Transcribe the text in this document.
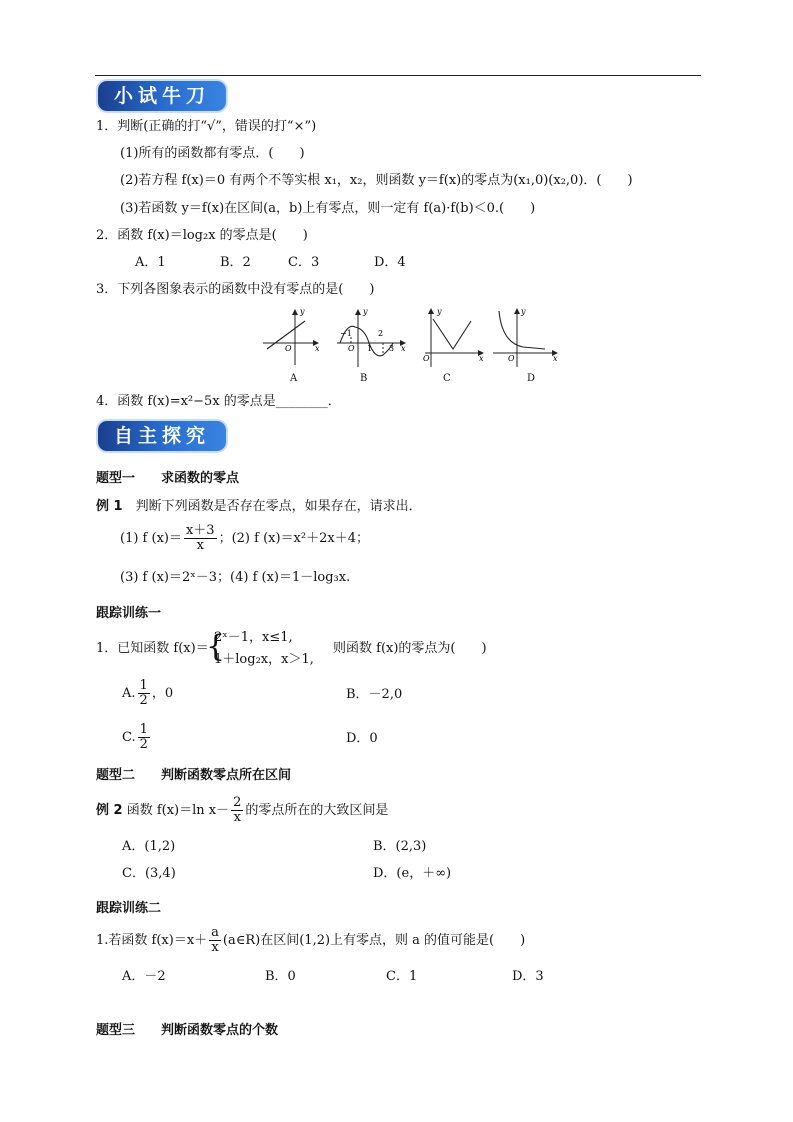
小试牛刀
1．判断(正确的打“√”，错误的打“×”)
(1)所有的函数都有零点．(　　)
(2)若方程 f(x)＝0 有两个不等实根 x₁，x₂，则函数 y＝f(x)的零点为(x₁,0)(x₂,0)．(　　)
(3)若函数 y＝f(x)在区间(a，b)上有零点，则一定有 f(a)·f(b)＜0.(　　)
2．函数 f(x)＝log₂x 的零点是(　　)
A．1	B．2	C．3	D．4
3．下列各图象表示的函数中没有零点的是(　　)
y
x
O
y
x
O
−1
1
2
3
y
x
O
y
x
O
A	B	C	D
4．函数 f(x)=x²−5x 的零点是________．
自主探究
题型一　　求函数的零点
例 1　判断下列函数是否存在零点，如果存在，请求出．
(1) f $(x)= \frac{x+3}{x}$ ；(2) f (x)＝x²＋2x＋4；
(3) f (x)＝2ˣ－3；(4) f (x)＝1－log₃x.
跟踪训练一
1．已知函数 f(x)＝
{
2ˣ－1，x≤1,
1＋log₂x，x＞1,
则函数 f(x)的零点为(　　)
A. $\frac{1}{2}$ ，0	B．－2,0
C. $\frac{1}{2}$	D．0
题型二　　判断函数零点所在区间
例 2 函数 f(x)＝ln $x- \frac{2}{x}$ 的零点所在的大致区间是
A．(1,2)	B．(2,3)
C．(3,4)	D．(e，＋∞)
跟踪训练二
1.若函数 $f(x)=x+ \frac{a}{x}$ (a∈R)在区间(1,2)上有零点，则 a 的值可能是(　　)
A．－2	B．0	C．1	D．3
题型三　　判断函数零点的个数
